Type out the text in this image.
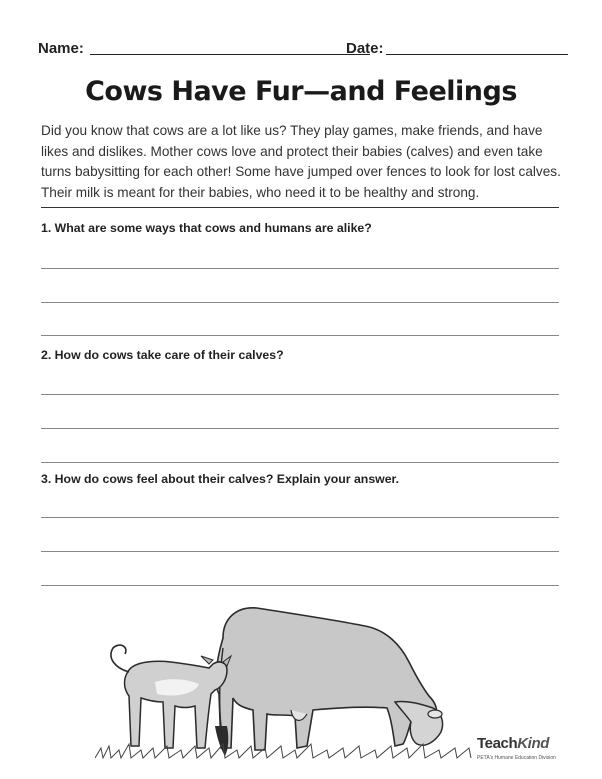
Name:	Date:
Cows Have Fur—and Feelings
Did you know that cows are a lot like us? They play games, make friends, and have likes and dislikes. Mother cows love and protect their babies (calves) and even take turns babysitting for each other! Some have jumped over fences to look for lost calves. Their milk is meant for their babies, who need it to be healthy and strong.
1. What are some ways that cows and humans are alike?
2. How do cows take care of their calves?
3. How do cows feel about their calves? Explain your answer.
TeachKind
PETA's Humane Education Division
